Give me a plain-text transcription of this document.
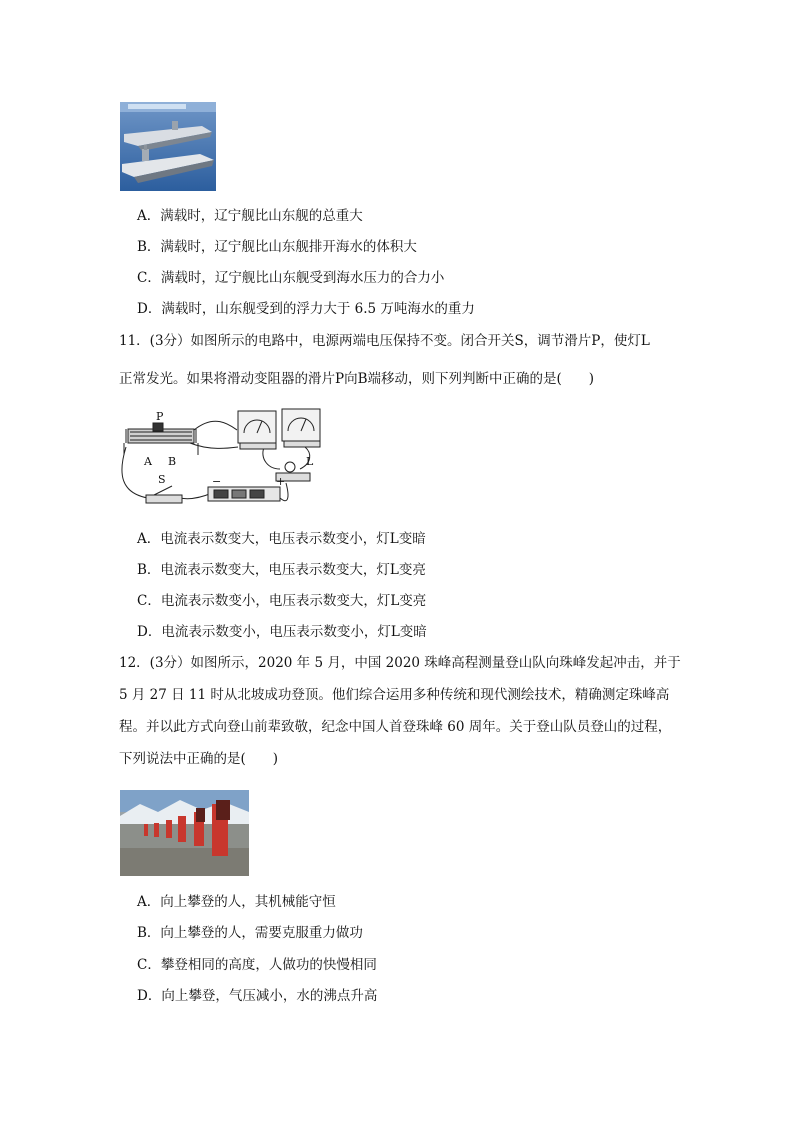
A．满载时，辽宁舰比山东舰的总重大
B．满载时，辽宁舰比山东舰排开海水的体积大
C．满载时，辽宁舰比山东舰受到海水压力的合力小
D．满载时，山东舰受到的浮力大于 6.5 万吨海水的重力
11．(3分）如图所示的电路中，电源两端电压保持不变。闭合开关S，调节滑片P，使灯L
正常发光。如果将滑动变阻器的滑片P向B端移动，则下列判断中正确的是(　　)
P
A B
S
L
−	+
A．电流表示数变大，电压表示数变小，灯L变暗
B．电流表示数变大，电压表示数变大，灯L变亮
C．电流表示数变小，电压表示数变大，灯L变亮
D．电流表示数变小，电压表示数变小，灯L变暗
12．(3分）如图所示，2020 年 5 月，中国 2020 珠峰高程测量登山队向珠峰发起冲击，并于
5 月 27 日 11 时从北坡成功登顶。他们综合运用多种传统和现代测绘技术，精确测定珠峰高
程。并以此方式向登山前辈致敬，纪念中国人首登珠峰 60 周年。关于登山队员登山的过程，
下列说法中正确的是(　　)
A．向上攀登的人，其机械能守恒
B．向上攀登的人，需要克服重力做功
C．攀登相同的高度，人做功的快慢相同
D．向上攀登，气压减小，水的沸点升高
